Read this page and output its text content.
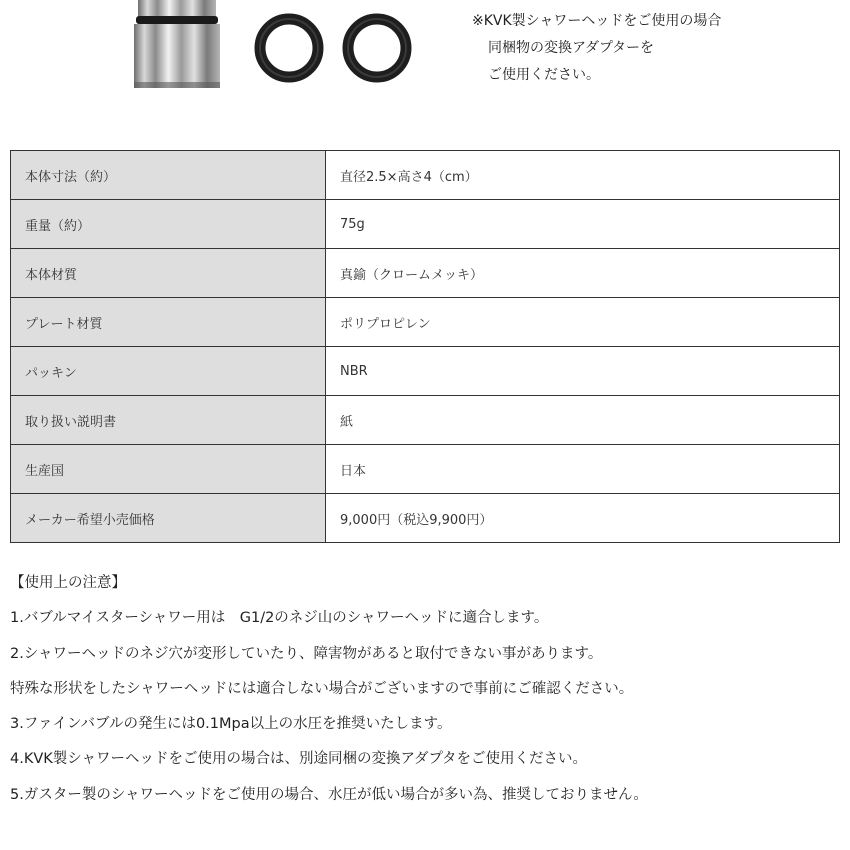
※KVK製シャワーヘッドをご使用の場合
同梱物の変換アダプターを
ご使用ください。
本体寸法（約）	直径2.5×高さ4（cm）
重量（約）	75g
本体材質	真鍮（クロームメッキ）
プレート材質	ポリプロピレン
パッキン	NBR
取り扱い説明書	紙
生産国	日本
メーカー希望小売価格	9,000円（税込9,900円）
【使用上の注意】
1.バブルマイスターシャワー用は　G1/2のネジ山のシャワーヘッドに適合します。
2.シャワーヘッドのネジ穴が変形していたり、障害物があると取付できない事があります。
特殊な形状をしたシャワーヘッドには適合しない場合がございますので事前にご確認ください。
3.ファインバブルの発生には0.1Mpa以上の水圧を推奨いたします。
4.KVK製シャワーヘッドをご使用の場合は、別途同梱の変換アダプタをご使用ください。
5.ガスター製のシャワーヘッドをご使用の場合、水圧が低い場合が多い為、推奨しておりません。
